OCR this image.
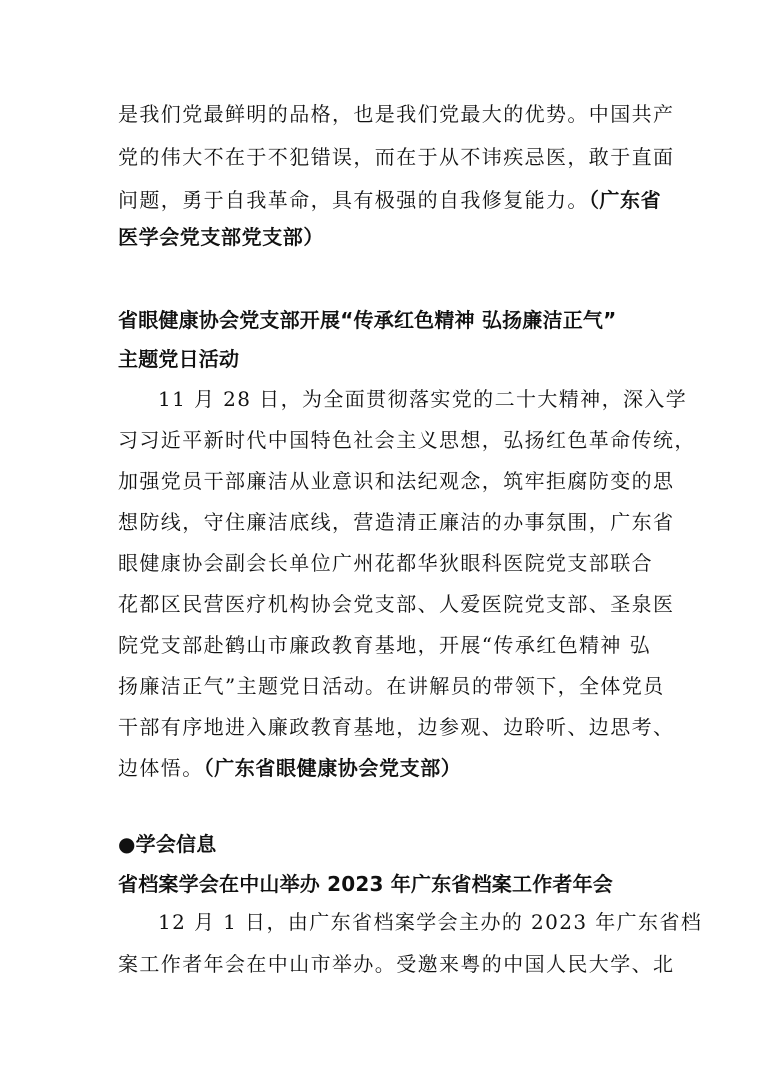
是我们党最鲜明的品格，也是我们党最大的优势。中国共产
党的伟大不在于不犯错误，而在于从不讳疾忌医，敢于直面
问题，勇于自我革命，具有极强的自我修复能力。（广东省
医学会党支部党支部）
省眼健康协会党支部开展“传承红色精神 弘扬廉洁正气”
主题党日活动
11 月 28 日，为全面贯彻落实党的二十大精神，深入学
习习近平新时代中国特色社会主义思想，弘扬红色革命传统，
加强党员干部廉洁从业意识和法纪观念，筑牢拒腐防变的思
想防线，守住廉洁底线，营造清正廉洁的办事氛围，广东省
眼健康协会副会长单位广州花都华狄眼科医院党支部联合
花都区民营医疗机构协会党支部、人爱医院党支部、圣泉医
院党支部赴鹤山市廉政教育基地，开展“传承红色精神 弘
扬廉洁正气”主题党日活动。在讲解员的带领下，全体党员
干部有序地进入廉政教育基地，边参观、边聆听、边思考、
边体悟。（广东省眼健康协会党支部）
●学会信息
省档案学会在中山举办 2023 年广东省档案工作者年会
12 月 1 日，由广东省档案学会主办的 2023 年广东省档
案工作者年会在中山市举办。受邀来粤的中国人民大学、北
